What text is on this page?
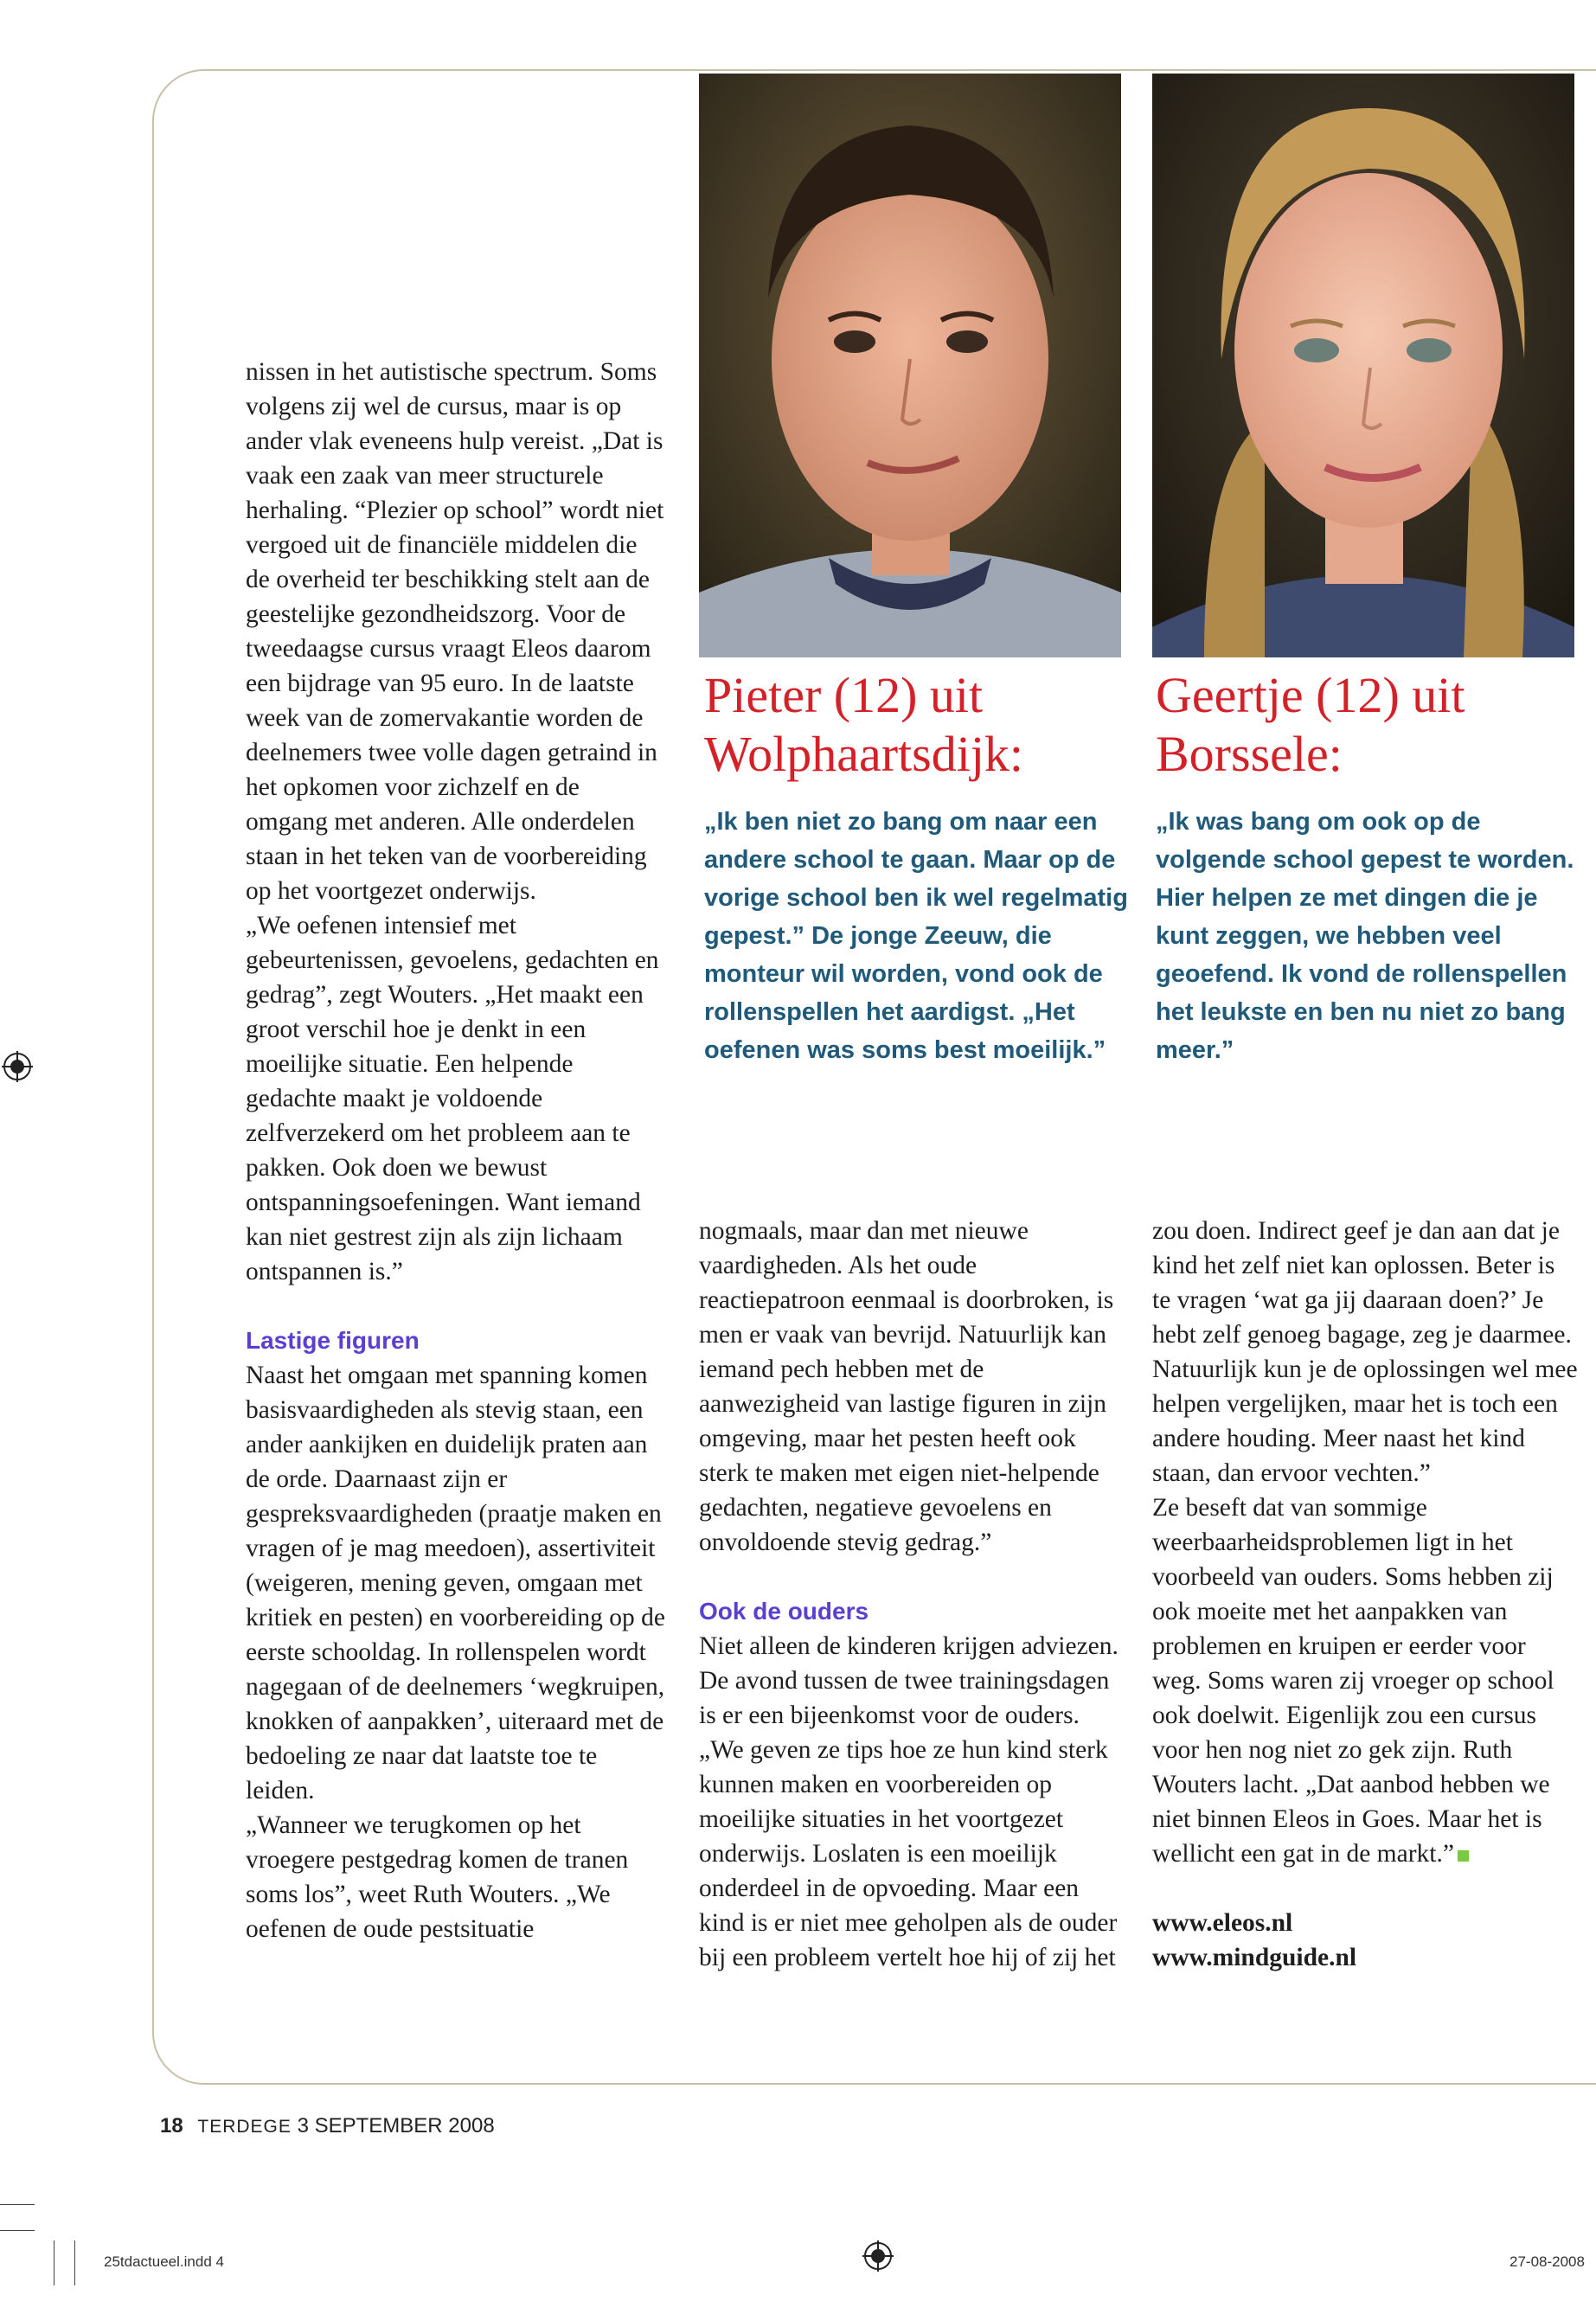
nissen in het autistische spectrum. Soms volgens zij wel de cursus, maar is op ander vlak eveneens hulp vereist. „Dat is vaak een zaak van meer structurele herhaling. “Plezier op school” wordt niet vergoed uit de financiële middelen die de overheid ter beschikking stelt aan de geestelijke gezondheidszorg. Voor de tweedaagse cursus vraagt Eleos daarom een bijdrage van 95 euro. In de laatste week van de zomervakantie worden de deelnemers twee volle dagen getraind in het opkomen voor zichzelf en de omgang met anderen. Alle onderdelen staan in het teken van de voorbereiding op het voortgezet onderwijs.

„We oefenen intensief met gebeurtenissen, gevoelens, gedachten en gedrag”, zegt Wouters. „Het maakt een groot verschil hoe je denkt in een moeilijke situatie. Een helpende gedachte maakt je voldoende zelfverzekerd om het probleem aan te pakken. Ook doen we bewust ontspanningsoefeningen. Want iemand kan niet gestrest zijn als zijn lichaam ontspannen is.”

Lastige figuren

Naast het omgaan met spanning komen basisvaardigheden als stevig staan, een ander aankijken en duidelijk praten aan de orde. Daarnaast zijn er gespreksvaardigheden (praatje maken en vragen of je mag meedoen), assertiviteit (weigeren, mening geven, omgaan met kritiek en pesten) en voorbereiding op de eerste schooldag. In rollenspelen wordt nagegaan of de deelnemers ‘wegkruipen, knokken of aanpakken’, uiteraard met de bedoeling ze naar dat laatste toe te leiden.

„Wanneer we terugkomen op het vroegere pestgedrag komen de tranen soms los”, weet Ruth Wouters. „We oefenen de oude pestsituatie

Pieter (12) uit Wolphaartsdijk:
„Ik ben niet zo bang om naar een andere school te gaan. Maar op de vorige school ben ik wel regelmatig gepest.” De jonge Zeeuw, die monteur wil worden, vond ook de rollenspellen het aardigst. „Het oefenen was soms best moeilijk.”
Geertje (12) uit Borssele:
„Ik was bang om ook op de volgende school gepest te worden. Hier helpen ze met dingen die je kunt zeggen, we hebben veel geoefend. Ik vond de rollenspellen het leukste en ben nu niet zo bang meer.”

nogmaals, maar dan met nieuwe vaardigheden. Als het oude reactiepatroon eenmaal is doorbroken, is men er vaak van bevrijd. Natuurlijk kan iemand pech hebben met de aanwezigheid van lastige figuren in zijn omgeving, maar het pesten heeft ook sterk te maken met eigen niet-helpende gedachten, negatieve gevoelens en onvoldoende stevig gedrag.”

Ook de ouders

Niet alleen de kinderen krijgen adviezen. De avond tussen de twee trainingsdagen is er een bijeenkomst voor de ouders. „We geven ze tips hoe ze hun kind sterk kunnen maken en voorbereiden op moeilijke situaties in het voortgezet onderwijs. Loslaten is een moeilijk onderdeel in de opvoeding. Maar een kind is er niet mee geholpen als de ouder bij een probleem vertelt hoe hij of zij het

zou doen. Indirect geef je dan aan dat je kind het zelf niet kan oplossen. Beter is te vragen ‘wat ga jij daaraan doen?’ Je hebt zelf genoeg bagage, zeg je daarmee. Natuurlijk kun je de oplossingen wel mee helpen vergelijken, maar het is toch een andere houding. Meer naast het kind staan, dan ervoor vechten.”

Ze beseft dat van sommige weerbaarheidsproblemen ligt in het voorbeeld van ouders. Soms hebben zij ook moeite met het aanpakken van problemen en kruipen er eerder voor weg. Soms waren zij vroeger op school ook doelwit. Eigenlijk zou een cursus voor hen nog niet zo gek zijn. Ruth Wouters lacht. „Dat aanbod hebben we niet binnen Eleos in Goes. Maar het is wellicht een gat in de markt.”

www.eleos.nl

www.mindguide.nl

18 TERDEGE 3 SEPTEMBER 2008
25tdactueel.indd 4	27-08-2008
